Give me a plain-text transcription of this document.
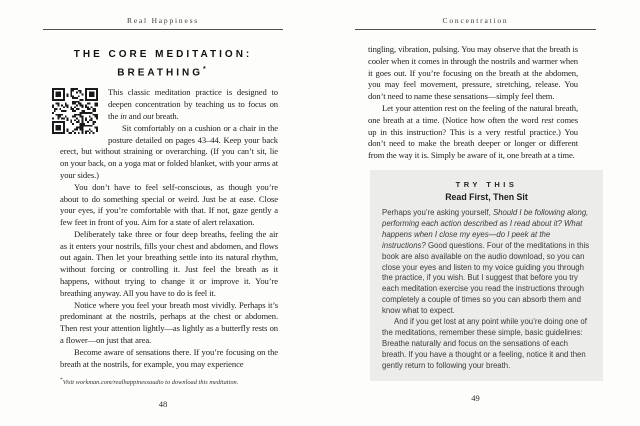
Real Happiness
THE CORE MEDITATION:
BREATHING*

This classic meditation practice is designed to deepen concentration by teaching us to focus on the in and out breath.

Sit comfortably on a cushion or a chair in the posture detailed on pages 43–44. Keep your back erect, but without straining or overarching. (If you can’t sit, lie on your back, on a yoga mat or folded blanket, with your arms at your sides.)

You don’t have to feel self-conscious, as though you’re about to do something special or weird. Just be at ease. Close your eyes, if you’re comfortable with that. If not, gaze gently a few feet in front of you. Aim for a state of alert relaxation.

Deliberately take three or four deep breaths, feeling the air as it enters your nostrils, fills your chest and abdomen, and flows out again. Then let your breathing settle into its natural rhythm, without forcing or controlling it. Just feel the breath as it happens, without trying to change it or improve it. You’re breathing anyway. All you have to do is feel it.

Notice where you feel your breath most vividly. Perhaps it’s predominant at the nostrils, perhaps at the chest or abdomen. Then rest your attention lightly—as lightly as a butterfly rests on a flower—on just that area.

Become aware of sensations there. If you’re focusing on the breath at the nostrils, for example, you may experience

*Visit workman.com/realhappinessaudio to download this meditation.
48
Concentration

tingling, vibration, pulsing. You may observe that the breath is cooler when it comes in through the nostrils and warmer when it goes out. If you’re focusing on the breath at the abdomen, you may feel movement, pressure, stretching, release. You don’t need to name these sensations—simply feel them.

Let your attention rest on the feeling of the natural breath, one breath at a time. (Notice how often the word rest comes up in this instruction? This is a very restful practice.) You don’t need to make the breath deeper or longer or different from the way it is. Simply be aware of it, one breath at a time.

TRY THIS
Read First, Then Sit

Perhaps you’re asking yourself, Should I be following along, performing each action described as I read about it? What happens when I close my eyes—do I peek at the instructions? Good questions. Four of the meditations in this book are also available on the audio download, so you can close your eyes and listen to my voice guiding you through the practice, if you wish. But I suggest that before you try each meditation exercise you read the instructions through completely a couple of times so you can absorb them and know what to expect.

And if you get lost at any point while you’re doing one of the meditations, remember these simple, basic guidelines: Breathe naturally and focus on the sensations of each breath. If you have a thought or a feeling, notice it and then gently return to following your breath.

49
